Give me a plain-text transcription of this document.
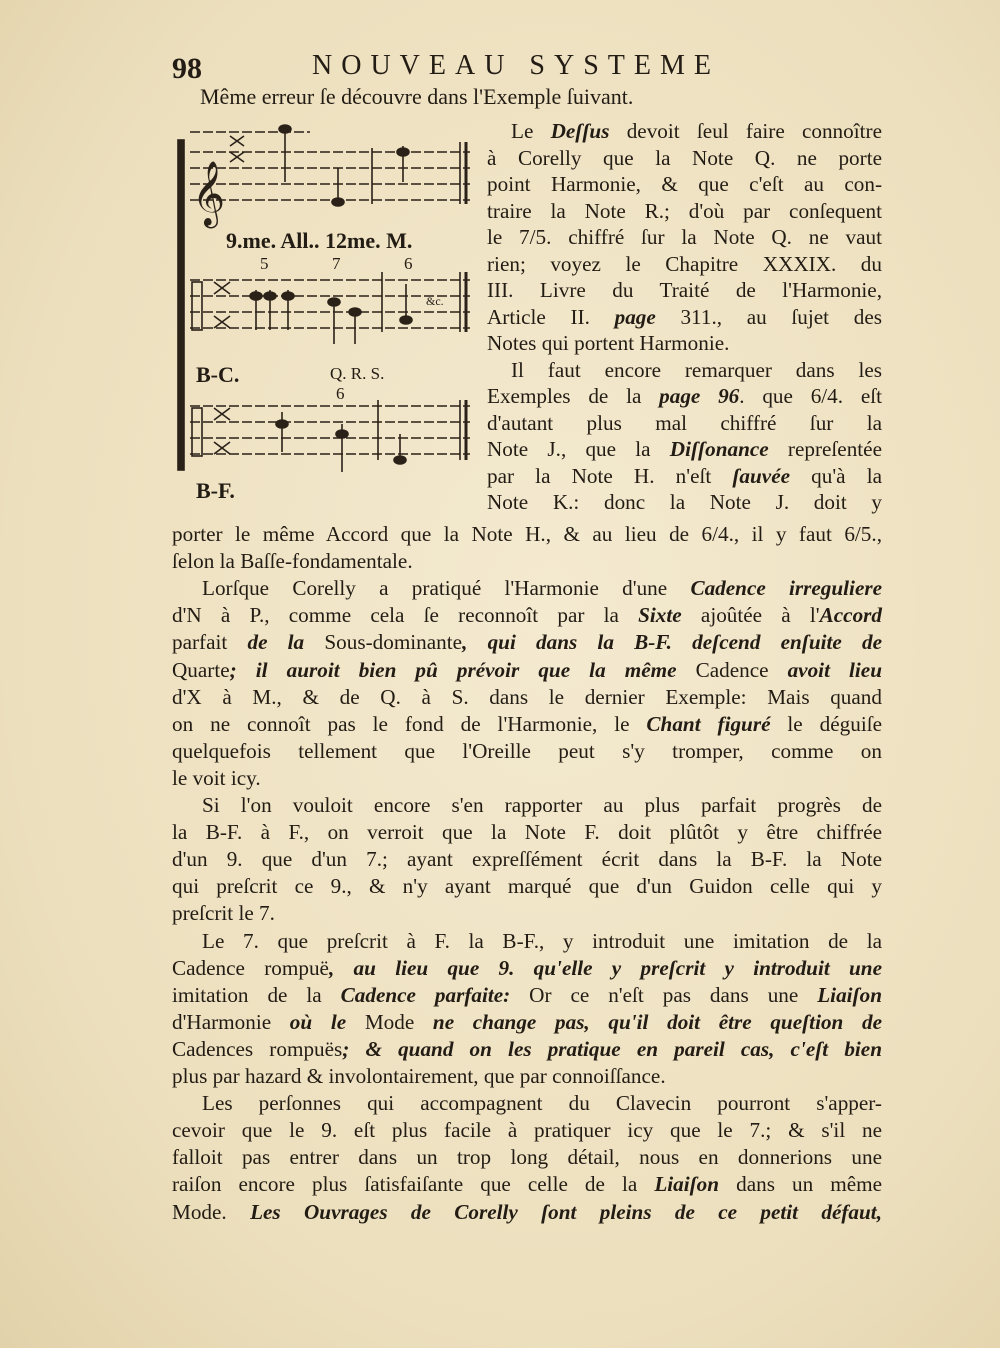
98	NOUVEAU SYSTEME
Même erreur ſe découvre dans l'Exemple ſuivant.
𝄞
9.me. All.. 12me. M.
5	7	6
&c.
B-C.	Q. R. S.
6
B-F.
Le Deſſus devoit ſeul faire connoître
à Corelly que la Note Q. ne porte
point Harmonie, & que c'eſt au con-
traire la Note R.; d'où par conſequent
le 7/5. chiffré ſur la Note Q. ne vaut
rien; voyez le Chapitre XXXIX. du
III. Livre du Traité de l'Harmonie,
Article II. page 311., au ſujet des
Notes qui portent Harmonie.
Il faut encore remarquer dans les
Exemples de la page 96. que 6/4. eſt
d'autant plus mal chiffré ſur la
Note J., que la Diſſonance repreſentée
par la Note H. n'eſt ſauvée qu'à la
Note K.: donc la Note J. doit y
porter le même Accord que la Note H., & au lieu de 6/4., il y faut 6/5.,
ſelon la Baſſe-fondamentale.
Lorſque Corelly a pratiqué l'Harmonie d'une Cadence irreguliere
d'N à P., comme cela ſe reconnoît par la Sixte ajoûtée à l'Accord
parfait de la Sous-dominante, qui dans la B-F. deſcend enſuite de
Quarte; il auroit bien pû prévoir que la même Cadence avoit lieu
d'X à M., & de Q. à S. dans le dernier Exemple: Mais quand
on ne connoît pas le fond de l'Harmonie, le Chant figuré le déguiſe
quelquefois tellement que l'Oreille peut s'y tromper, comme on
le voit icy.
Si l'on vouloit encore s'en rapporter au plus parfait progrès de
la B-F. à F., on verroit que la Note F. doit plûtôt y être chiffrée
d'un 9. que d'un 7.; ayant expreſſément écrit dans la B-F. la Note
qui preſcrit ce 9., & n'y ayant marqué que d'un Guidon celle qui y
preſcrit le 7.
Le 7. que preſcrit à F. la B-F., y introduit une imitation de la
Cadence rompuë, au lieu que 9. qu'elle y preſcrit y introduit une
imitation de la Cadence parfaite: Or ce n'eſt pas dans une Liaiſon
d'Harmonie où le Mode ne change pas, qu'il doit être queſtion de
Cadences rompuës; & quand on les pratique en pareil cas, c'eſt bien
plus par hazard & involontairement, que par connoiſſance.
Les perſonnes qui accompagnent du Clavecin pourront s'apper-
cevoir que le 9. eſt plus facile à pratiquer icy que le 7.; & s'il ne
falloit pas entrer dans un trop long détail, nous en donnerions une
raiſon encore plus ſatisfaiſante que celle de la Liaiſon dans un même
Mode. Les Ouvrages de Corelly ſont pleins de ce petit défaut,
